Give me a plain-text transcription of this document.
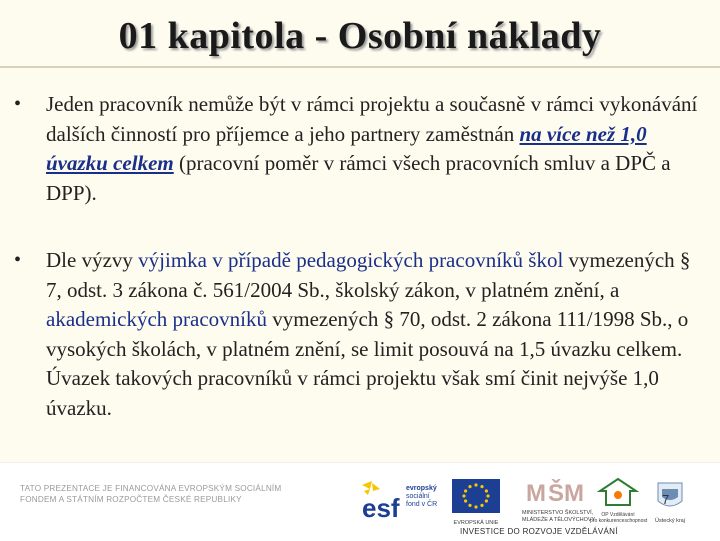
01 kapitola - Osobní náklady
• Jeden pracovník nemůže být v rámci projektu a současně v rámci vykonávání dalších činností pro příjemce a jeho partnery zaměstnán na více než 1,0 úvazku celkem (pracovní poměr v rámci všech pracovních smluv a DPČ a DPP).
• Dle výzvy výjimka v případě pedagogických pracovníků škol vymezených § 7, odst. 3 zákona č. 561/2004 Sb., školský zákon, v platném znění, a akademických pracovníků vymezených § 70, odst. 2 zákona 111/1998 Sb., o vysokých školách, v platném znění, se limit posouvá na 1,5 úvazku celkem. Úvazek takových pracovníků v rámci projektu však smí činit nejvýše 1,0 úvazku.
TATO PREZENTACE JE FINANCOVÁNA EVROPSKÝM SOCIÁLNÍM
FONDEM A STÁTNÍM ROZPOČTEM ČESKÉ REPUBLIKY	esf
evropský
sociální
fond v ČR
EVROPSKÁ UNIE
M Š M
MINISTERSTVO ŠKOLSTVÍ,
MLÁDEŽE A TĚLOVÝCHOVY
OP Vzdělávání
pro konkurenceschopnost	Ústecký kraj
INVESTICE DO ROZVOJE VZDĚLÁVÁNÍ
7
